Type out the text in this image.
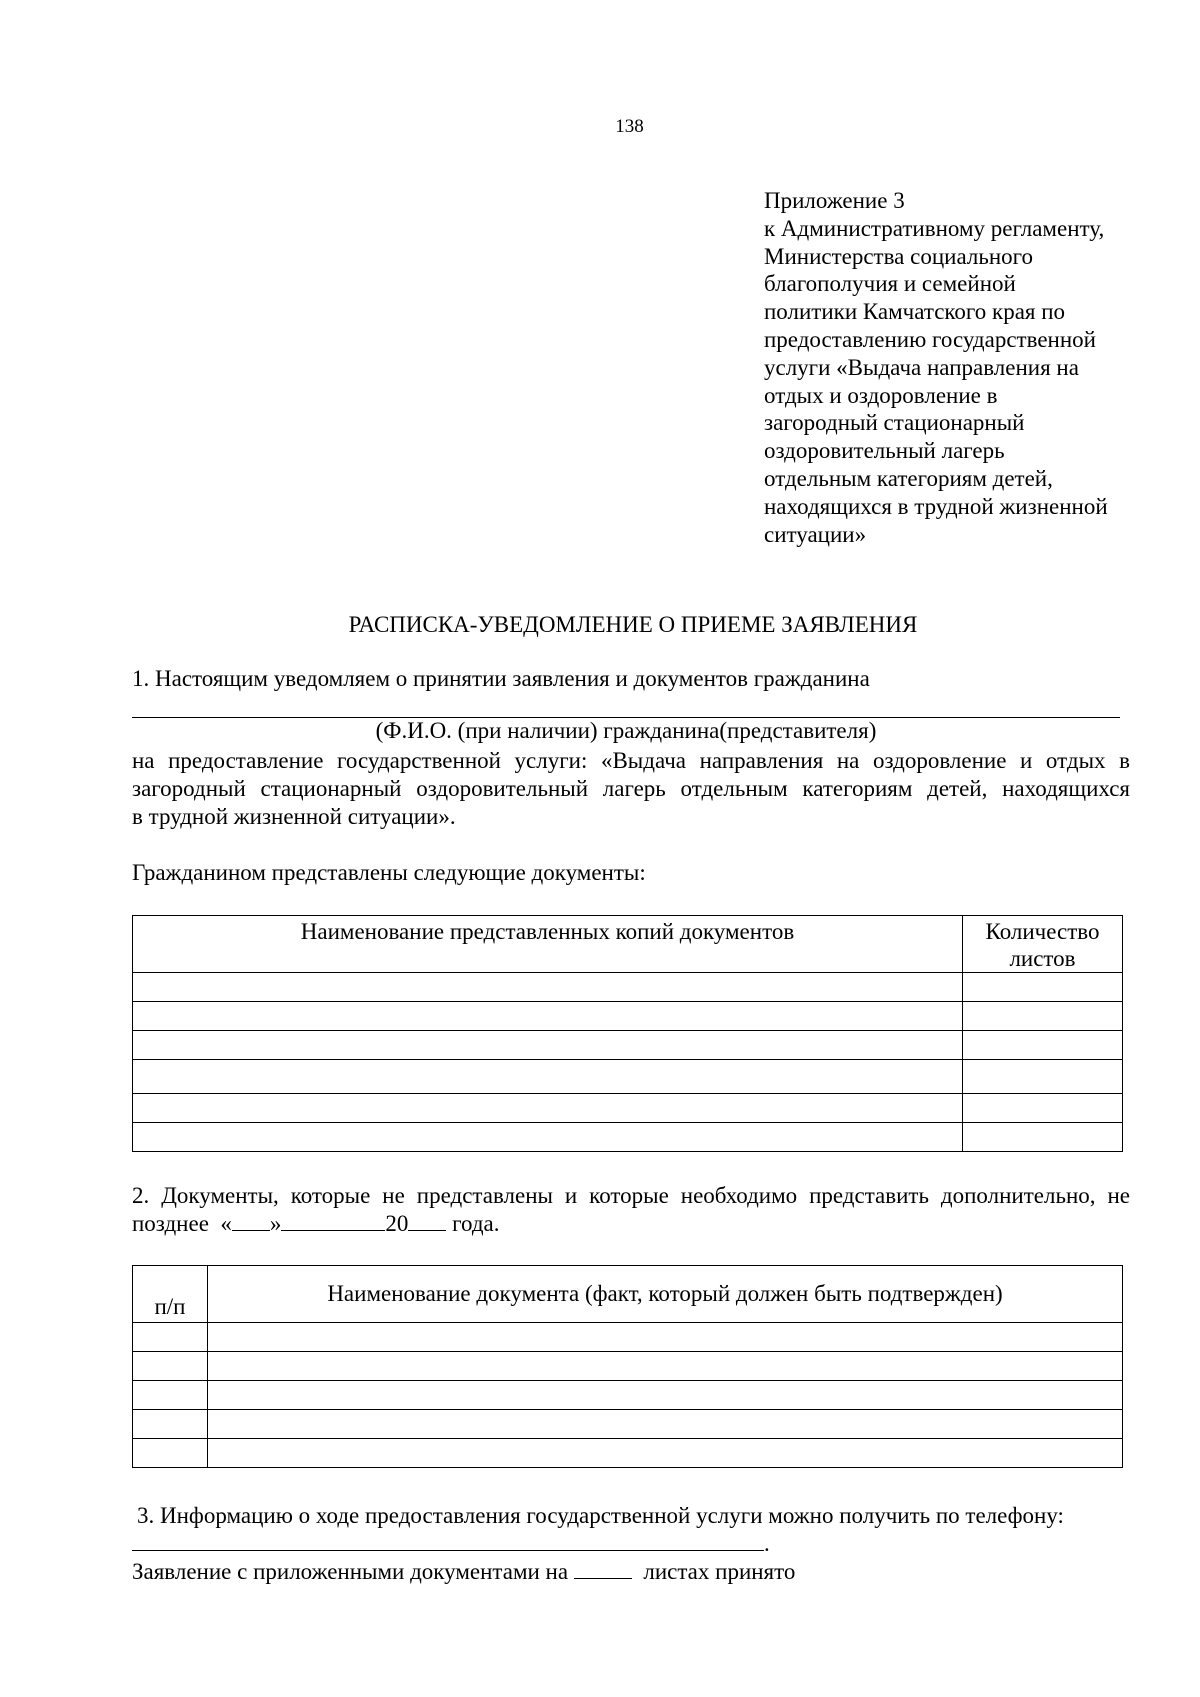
138
Приложение 3
к Административному регламенту,
Министерства социального
благополучия и семейной
политики Камчатского края по
предоставлению государственной
услуги «Выдача направления на
отдых и оздоровление в
загородный стационарный
оздоровительный лагерь
отдельным категориям детей,
находящихся в трудной жизненной
ситуации»
РАСПИСКА-УВЕДОМЛЕНИЕ О ПРИЕМЕ ЗАЯВЛЕНИЯ
1. Настоящим уведомляем о принятии заявления и документов гражданина
(Ф.И.О. (при наличии) гражданина(представителя)
на предоставление государственной услуги: «Выдача направления на оздоровление и отдых в
загородный стационарный оздоровительный лагерь отдельным категориям детей, находящихся
в трудной жизненной ситуации».
Гражданином представлены следующие документы:
Наименование представленных копий документов	Количество
листов

2. Документы, которые не представлены и которые необходимо представить дополнительно, не
позднее « »	20 года.
п/п	Наименование документа (факт, который должен быть подтвержден)

3. Информацию о ходе предоставления государственной услуги можно получить по телефону:
.
Заявление с приложенными документами на	листах принято
